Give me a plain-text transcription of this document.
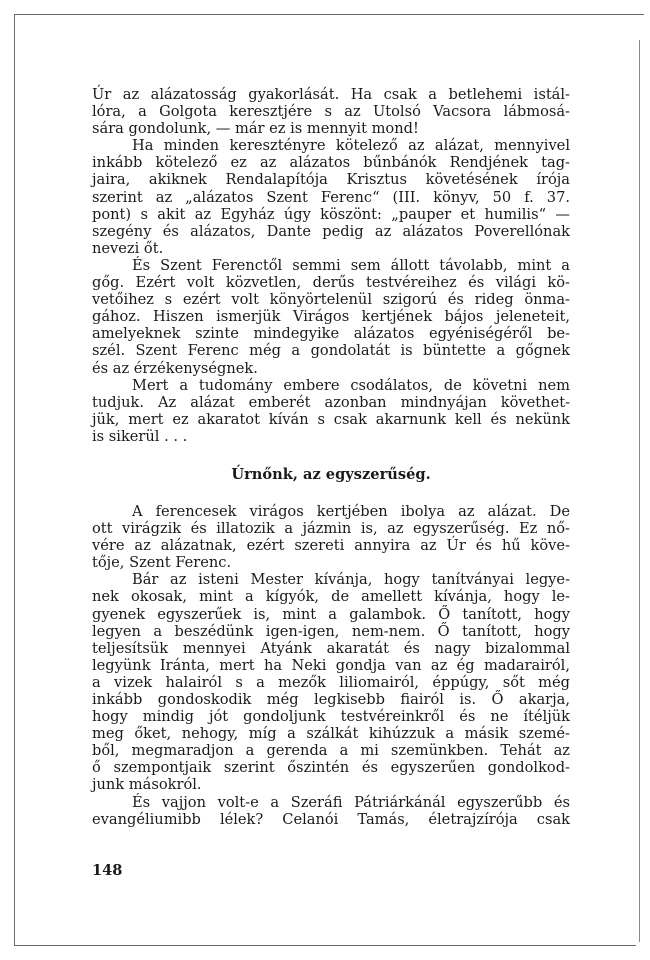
Úr az alázatosság gyakorlását. Ha csak a betlehemi istál-

lóra, a Golgota keresztjére s az Utolsó Vacsora lábmosá-

sára gondolunk, — már ez is mennyit mond!

Ha minden keresztényre kötelező az alázat, mennyivel

inkább kötelező ez az alázatos bűnbánók Rendjének tag-

jaira, akiknek Rendalapítója Krisztus követésének írója

szerint az „alázatos Szent Ferenc“ (III. könyv, 50 f. 37.

pont) s akit az Egyház úgy köszönt: „pauper et humilis“ —

szegény és alázatos, Dante pedig az alázatos Poverellónak

nevezi őt.

És Szent Ferenctől semmi sem állott távolabb, mint a

gőg. Ezért volt közvetlen, derűs testvéreihez és világi kö-

vetőihez s ezért volt könyörtelenül szigorú és rideg önma-

gához. Hiszen ismerjük Virágos kertjének bájos jeleneteit,

amelyeknek szinte mindegyike alázatos egyéniségéről be-

szél. Szent Ferenc még a gondolatát is büntette a gőgnek

és az érzékenységnek.

Mert a tudomány embere csodálatos, de követni nem

tudjuk. Az alázat emberét azonban mindnyájan követhet-

jük, mert ez akaratot kíván s csak akarnunk kell és nekünk

is sikerül . . .

Úrnőnk, az egyszerűség.

A ferencesek virágos kertjében ibolya az alázat. De

ott virágzik és illatozik a jázmin is, az egyszerűség. Ez nő-

vére az alázatnak, ezért szereti annyira az Úr és hű köve-

tője, Szent Ferenc.

Bár az isteni Mester kívánja, hogy tanítványai legye-

nek okosak, mint a kígyók, de amellett kívánja, hogy le-

gyenek egyszerűek is, mint a galambok. Ő tanított, hogy

legyen a beszédünk igen-igen, nem-nem. Ő tanított, hogy

teljesítsük mennyei Atyánk akaratát és nagy bizalommal

legyünk Iránta, mert ha Neki gondja van az ég madarairól,

a vizek halairól s a mezők liliomairól, éppúgy, sőt még

inkább gondoskodik még legkisebb fiairól is. Ő akarja,

hogy mindig jót gondoljunk testvéreinkről és ne ítéljük

meg őket, nehogy, míg a szálkát kihúzzuk a másik szemé-

ből, megmaradjon a gerenda a mi szemünkben. Tehát az

ő szempontjaik szerint őszintén és egyszerűen gondolkod-

junk másokról.

És vajjon volt-e a Szeráfi Pátriárkánál egyszerűbb és

evangéliumibb lélek? Celanói Tamás, életrajzírója csak

148
